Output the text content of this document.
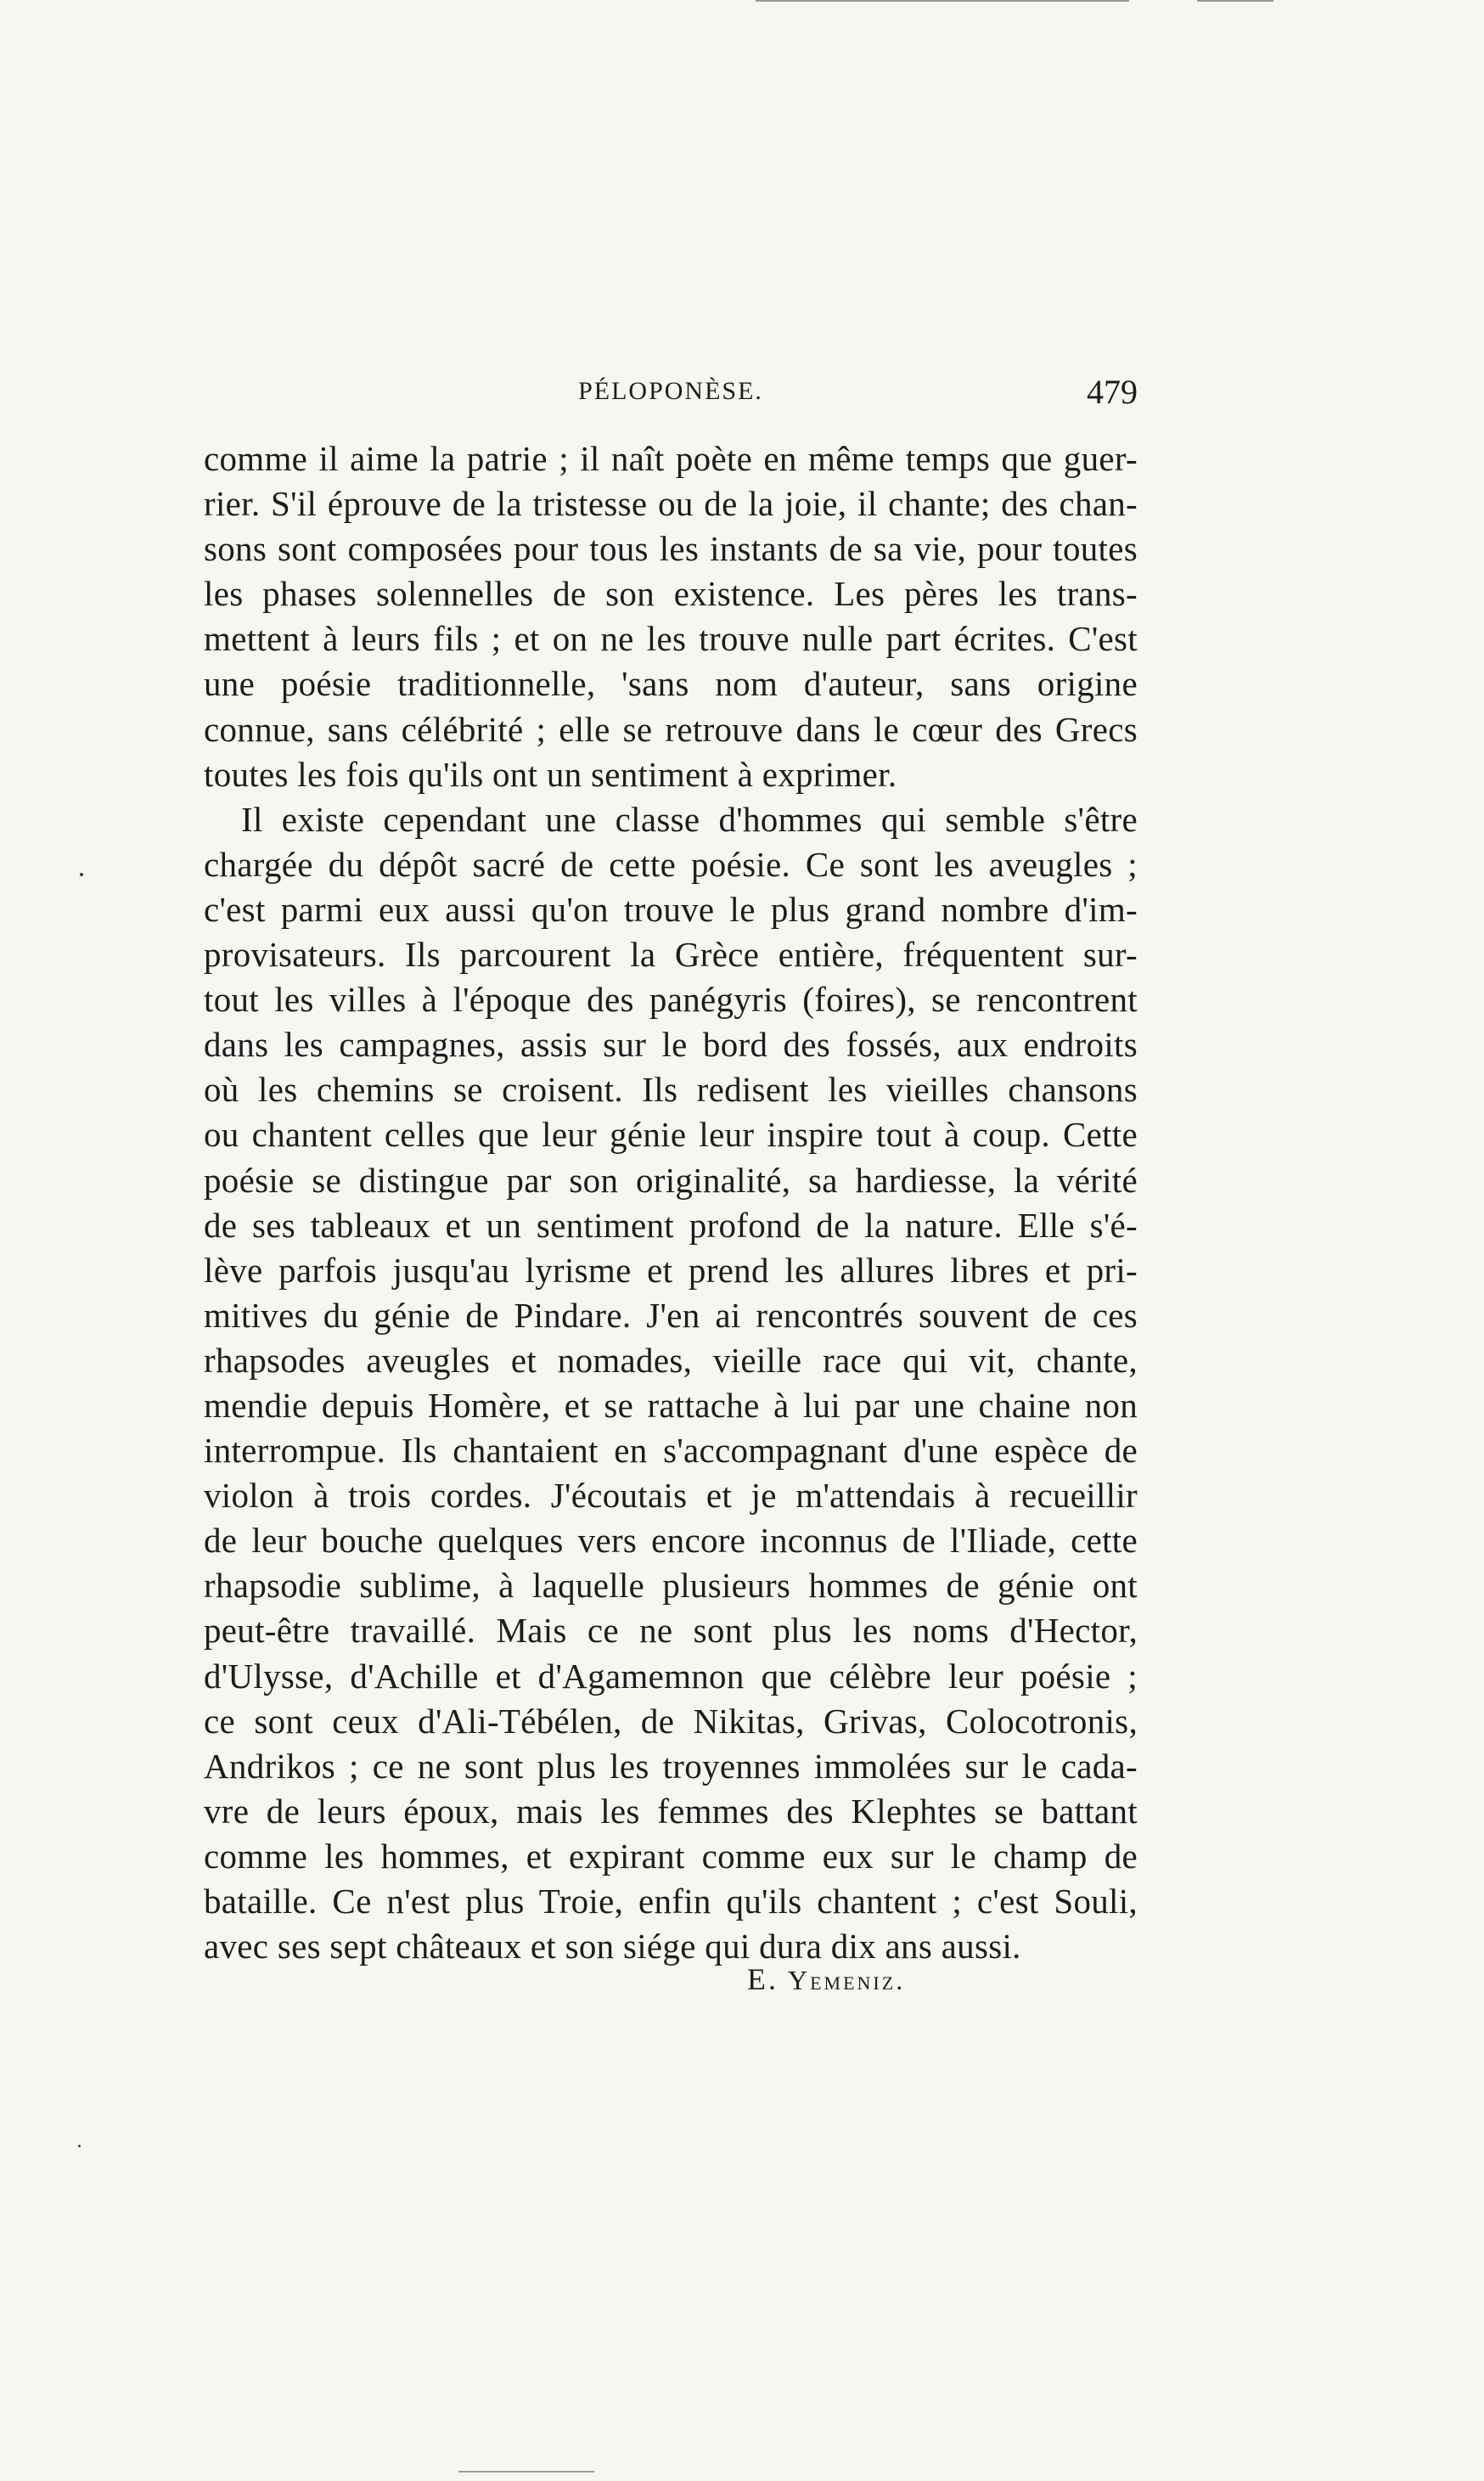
PÉLOPONÈSE.	479
comme il aime la patrie ; il naît poète en même temps que guer-
rier. S'il éprouve de la tristesse ou de la joie, il chante; des chan-
sons sont composées pour tous les instants de sa vie, pour toutes
les phases solennelles de son existence. Les pères les trans-
mettent à leurs fils ; et on ne les trouve nulle part écrites. C'est
une poésie traditionnelle, 'sans nom d'auteur, sans origine
connue, sans célébrité ; elle se retrouve dans le cœur des Grecs
toutes les fois qu'ils ont un sentiment à exprimer.
Il existe cependant une classe d'hommes qui semble s'être
chargée du dépôt sacré de cette poésie. Ce sont les aveugles ;
c'est parmi eux aussi qu'on trouve le plus grand nombre d'im-
provisateurs. Ils parcourent la Grèce entière, fréquentent sur-
tout les villes à l'époque des panégyris (foires), se rencontrent
dans les campagnes, assis sur le bord des fossés, aux endroits
où les chemins se croisent. Ils redisent les vieilles chansons
ou chantent celles que leur génie leur inspire tout à coup. Cette
poésie se distingue par son originalité, sa hardiesse, la vérité
de ses tableaux et un sentiment profond de la nature. Elle s'é-
lève parfois jusqu'au lyrisme et prend les allures libres et pri-
mitives du génie de Pindare. J'en ai rencontrés souvent de ces
rhapsodes aveugles et nomades, vieille race qui vit, chante,
mendie depuis Homère, et se rattache à lui par une chaine non
interrompue. Ils chantaient en s'accompagnant d'une espèce de
violon à trois cordes. J'écoutais et je m'attendais à recueillir
de leur bouche quelques vers encore inconnus de l'Iliade, cette
rhapsodie sublime, à laquelle plusieurs hommes de génie ont
peut-être travaillé. Mais ce ne sont plus les noms d'Hector,
d'Ulysse, d'Achille et d'Agamemnon que célèbre leur poésie ;
ce sont ceux d'Ali-Tébélen, de Nikitas, Grivas, Colocotronis,
Andrikos ; ce ne sont plus les troyennes immolées sur le cada-
vre de leurs époux, mais les femmes des Klephtes se battant
comme les hommes, et expirant comme eux sur le champ de
bataille. Ce n'est plus Troie, enfin qu'ils chantent ; c'est Souli,
avec ses sept châteaux et son siége qui dura dix ans aussi.
E. Yemeniz.
